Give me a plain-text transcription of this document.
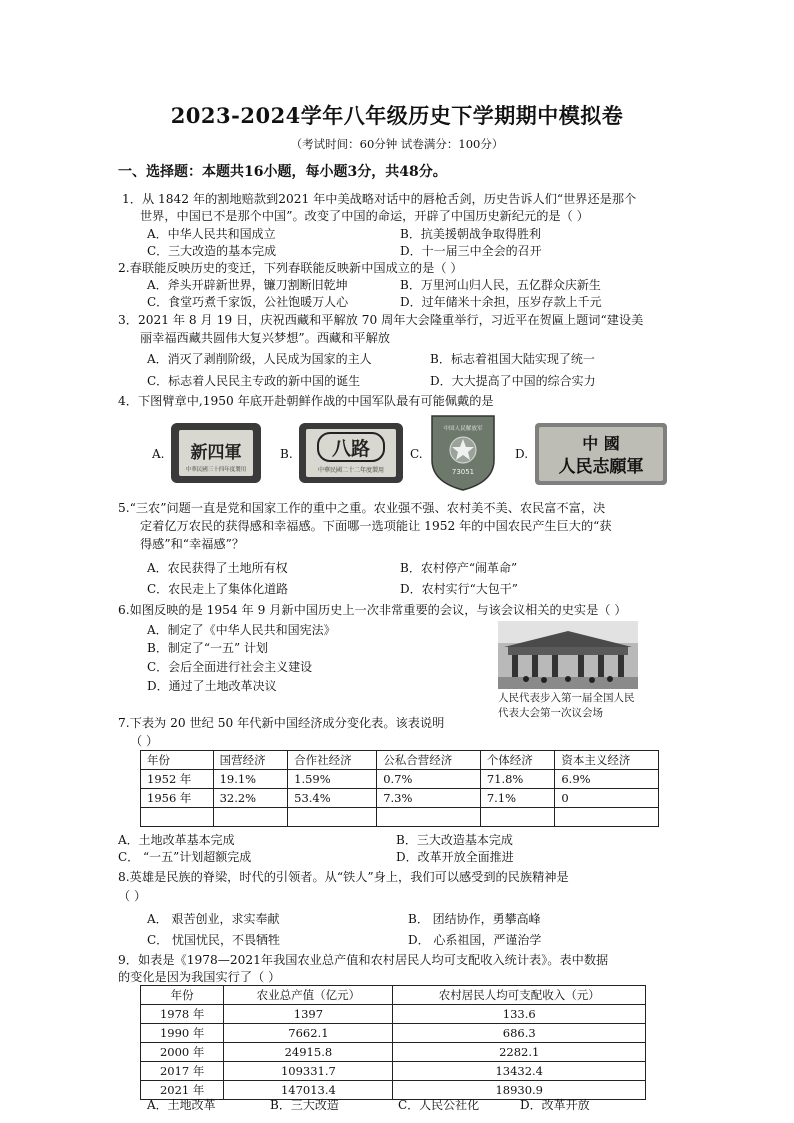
2023-2024学年八年级历史下学期期中模拟卷
（考试时间：60分钟 试卷满分：100分）
一、选择题：本题共16小题，每小题3分，共48分。
1．从 1842 年的割地赔款到2021 年中美战略对话中的唇枪舌剑，历史告诉人们“世界还是那个
世界，中国已不是那个中国”。改变了中国的命运，开辟了中国历史新纪元的是（ ）
A．中华人民共和国成立	B．抗美援朝战争取得胜利
C．三大改造的基本完成	D．十一届三中全会的召开
2.春联能反映历史的变迁，下列春联能反映新中国成立的是（ ）
A．斧头开辟新世界，镰刀割断旧乾坤	B．万里河山归人民，五亿群众庆新生
C．食堂巧煮千家饭，公社饱暖万人心	D．过年储米十余担，压岁存款上千元
3．2021 年 8 月 19 日，庆祝西藏和平解放 70 周年大会隆重举行，习近平在贺匾上题词“建设美
丽幸福西藏共圆伟大复兴梦想”。西藏和平解放
A．消灭了剥削阶级，人民成为国家的主人	B．标志着祖国大陆实现了统一
C．标志着人民民主专政的新中国的诞生	D．大大提高了中国的综合实力
4．下图臂章中,1950 年底开赴朝鲜作战的中国军队最有可能佩戴的是
A. 新四軍
中華民國三十四年度製用
B. 八路
中華民國二十二年度製用
C.
中国人民解放军
73051
D.
中 國
人民志願軍
5.“三农”问题一直是党和国家工作的重中之重。农业强不强、农村美不美、农民富不富，决
定着亿万农民的获得感和幸福感。下面哪一选项能让 1952 年的中国农民产生巨大的“获
得感”和“幸福感”？
A．农民获得了土地所有权	B．农村停产“闹革命”
C．农民走上了集体化道路	D．农村实行“大包干”
6.如图反映的是 1954 年 9 月新中国历史上一次非常重要的会议，与该会议相关的史实是（ ）
A．制定了《中华人民共和国宪法》
B．制定了“一五” 计划
C．会后全面进行社会主义建设
D．通过了土地改革决议
人民代表步入第一届全国人民
代表大会第一次议会场
7.下表为 20 世纪 50 年代新中国经济成分变化表。该表说明
（ ）
年份	国营经济	合作社经济	公私合营经济	个体经济	资本主义经济
1952 年	19.1%	1.59%	0.7%	71.8%	6.9%
1956 年	32.2%	53.4%	7.3%	7.1%	0

A．土地改革基本完成	B．三大改造基本完成
C． “一五”计划超额完成	D．改革开放全面推进
8.英雄是民族的脊梁，时代的引领者。从“铁人”身上，我们可以感受到的民族精神是
（ ）
A． 艰苦创业，求实奉献	B． 团结协作，勇攀高峰
C． 忧国忧民，不畏牺牲	D． 心系祖国，严谨治学
9．如表是《1978—2021年我国农业总产值和农村居民人均可支配收入统计表》。表中数据
的变化是因为我国实行了（ ）
年份	农业总产值（亿元）	农村居民人均可支配收入（元）
1978 年	1397	133.6
1990 年	7662.1	686.3
2000 年	24915.8	2282.1
2017 年	109331.7	13432.4
2021 年	147013.4	18930.9
A．土地改革	B．三大改造	C．人民公社化	D．改革开放
